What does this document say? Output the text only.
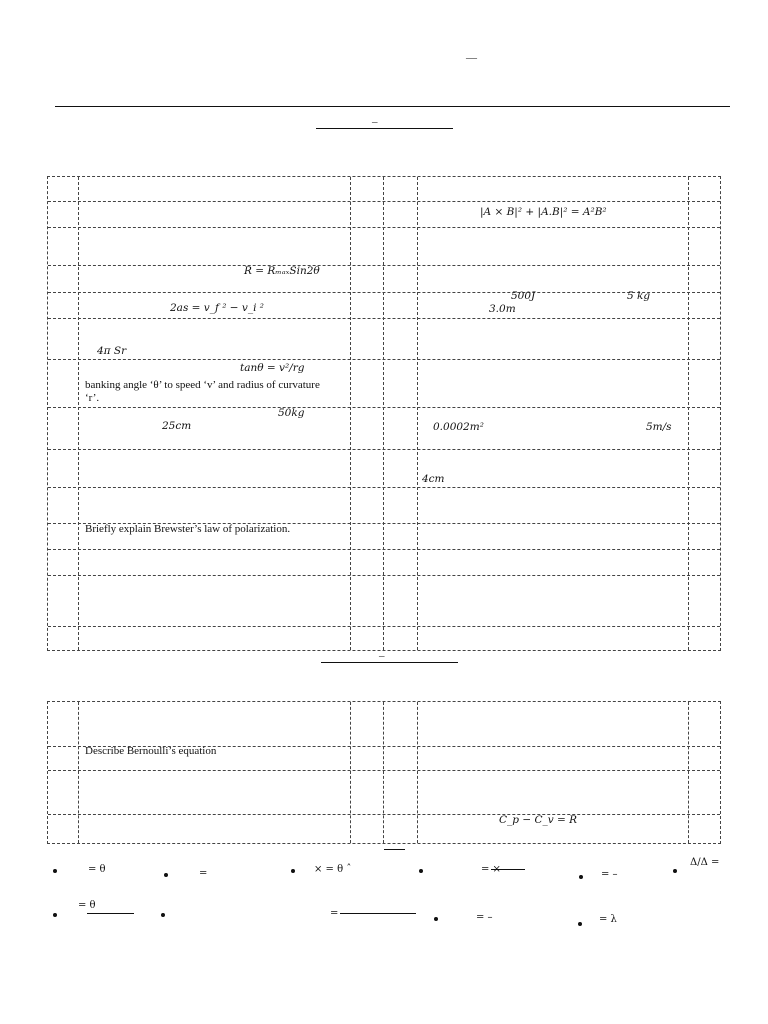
—
–
|A × B|² + |A.B|² = A²B²
R = RₘₐₓSin2θ
2as = v_f ² − v_i ²
500J	5 kg
3.0m
4π Sr
tanθ = v²/rg
banking angle ‘θ’ to speed ‘v’ and radius of curvature
‘r’.
50kg
25cm	0.0002m²	5m/s
4cm
Briefly explain Brewster’s law of polarization.
–
Describe Bernoulli’s equation
C_p − C_v = R
= θ	=	× = θ ˆ	= ×	= –
Δ/Δ =
= θ
=	= –	= λ
